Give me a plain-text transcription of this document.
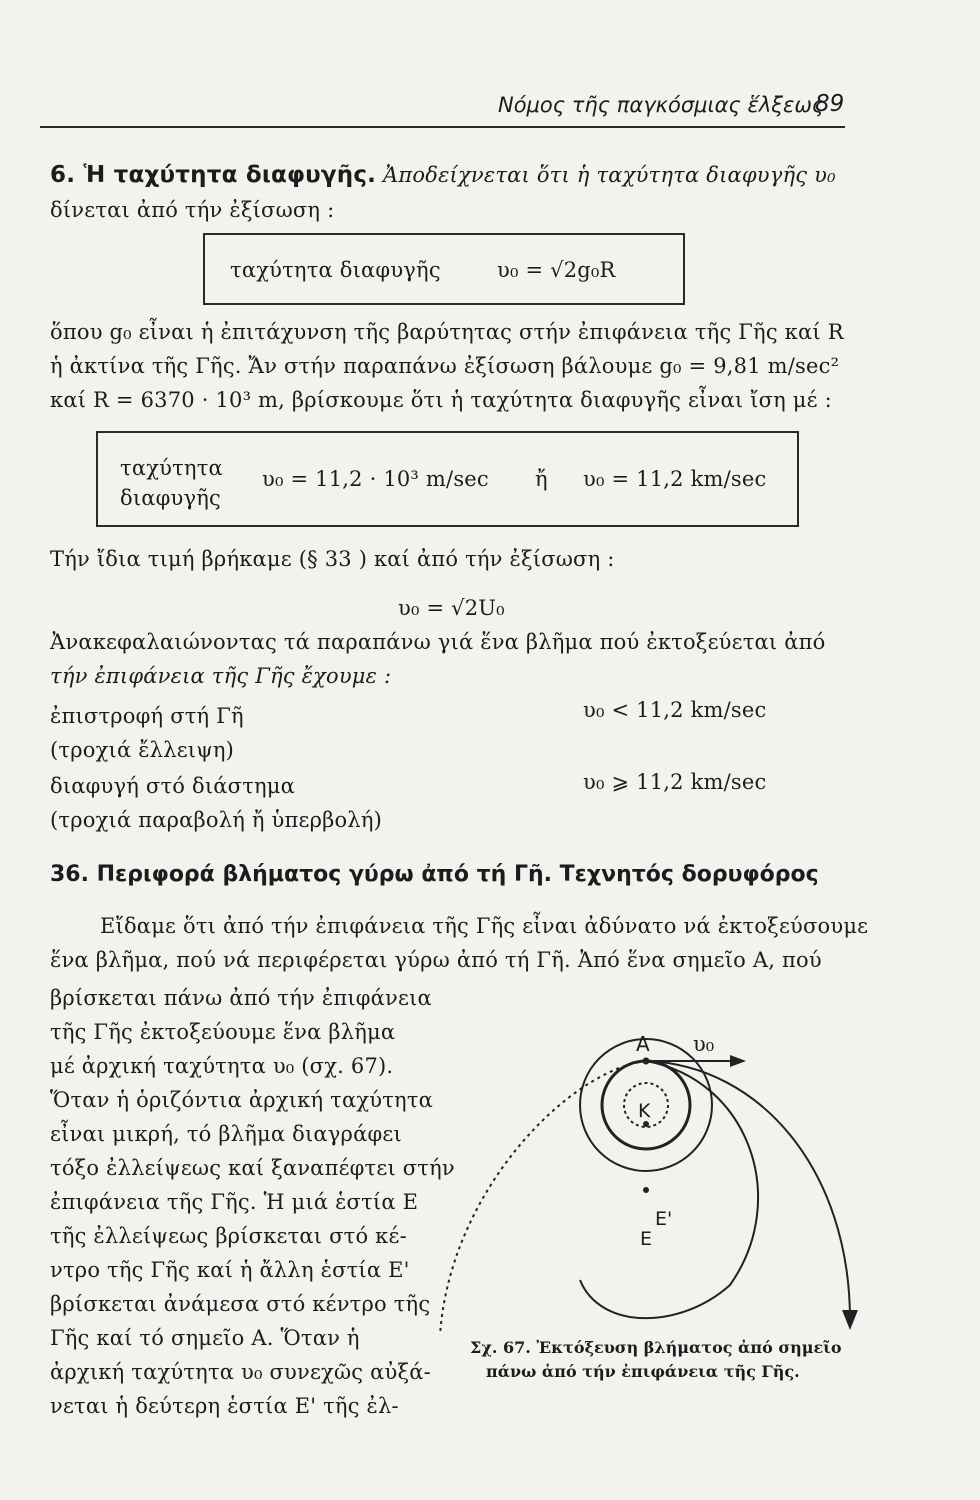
Νόμος τῆς παγκόσμιας ἕλξεως
89
6. Ἡ ταχύτητα διαφυγῆς. Ἀποδείχνεται ὅτι ἡ ταχύτητα διαφυγῆς υ₀
δίνεται ἀπό τήν ἐξίσωση :
ταχύτητα διαφυγῆς	υ₀ = √2g₀R
ὅπου g₀ εἶναι ἡ ἐπιτάχυνση τῆς βαρύτητας στήν ἐπιφάνεια τῆς Γῆς καί R
ἡ ἀκτίνα τῆς Γῆς. Ἄν στήν παραπάνω ἐξίσωση βάλουμε g₀ = 9,81 m/sec²
καί R = 6370 · 10³ m, βρίσκουμε ὅτι ἡ ταχύτητα διαφυγῆς εἶναι ἴση μέ :
ταχύτητα
διαφυγῆς
υ₀ = 11,2 · 10³ m/sec ἤ υ₀ = 11,2 km/sec
Τήν ἴδια τιμή βρήκαμε (§ 33 ) καί ἀπό τήν ἐξίσωση :
υ₀ = √2U₀
Ἀνακεφαλαιώνοντας τά παραπάνω γιά ἕνα βλῆμα πού ἐκτοξεύεται ἀπό
τήν ἐπιφάνεια τῆς Γῆς ἔχουμε :
ἐπιστροφή στή Γῆ
(τροχιά ἔλλειψη)
υ₀ < 11,2 km/sec
διαφυγή στό διάστημα
(τροχιά παραβολή ἤ ὑπερβολή)
υ₀ ⩾ 11,2 km/sec
36. Περιφορά βλήματος γύρω ἀπό τή Γῆ. Τεχνητός δορυφόρος
Εἴδαμε ὅτι ἀπό τήν ἐπιφάνεια τῆς Γῆς εἶναι ἀδύνατο νά ἐκτοξεύσουμε
ἕνα βλῆμα, πού νά περιφέρεται γύρω ἀπό τή Γῆ. Ἀπό ἕνα σημεῖο Α, πού
βρίσκεται πάνω ἀπό τήν ἐπιφάνεια
τῆς Γῆς ἐκτοξεύουμε ἕνα βλῆμα
μέ ἀρχική ταχύτητα υ₀ (σχ. 67).
Ὅταν ἡ ὁριζόντια ἀρχική ταχύτητα
εἶναι μικρή, τό βλῆμα διαγράφει
τόξο ἐλλείψεως καί ξαναπέφτει στήν
ἐπιφάνεια τῆς Γῆς. Ἡ μιά ἑστία Ε
τῆς ἐλλείψεως βρίσκεται στό κέ-
ντρο τῆς Γῆς καί ἡ ἄλλη ἑστία Ε'
βρίσκεται ἀνάμεσα στό κέντρο τῆς
Γῆς καί τό σημεῖο Α. Ὅταν ἡ
ἀρχική ταχύτητα υ₀ συνεχῶς αὐξά-
νεται ἡ δεύτερη ἑστία Ε' τῆς ἐλ-
Α υ₀
Κ
Ε'
Ε
Σχ. 67. Ἐκτόξευση βλήματος ἀπό σημεῖο
πάνω ἀπό τήν ἐπιφάνεια τῆς Γῆς.
